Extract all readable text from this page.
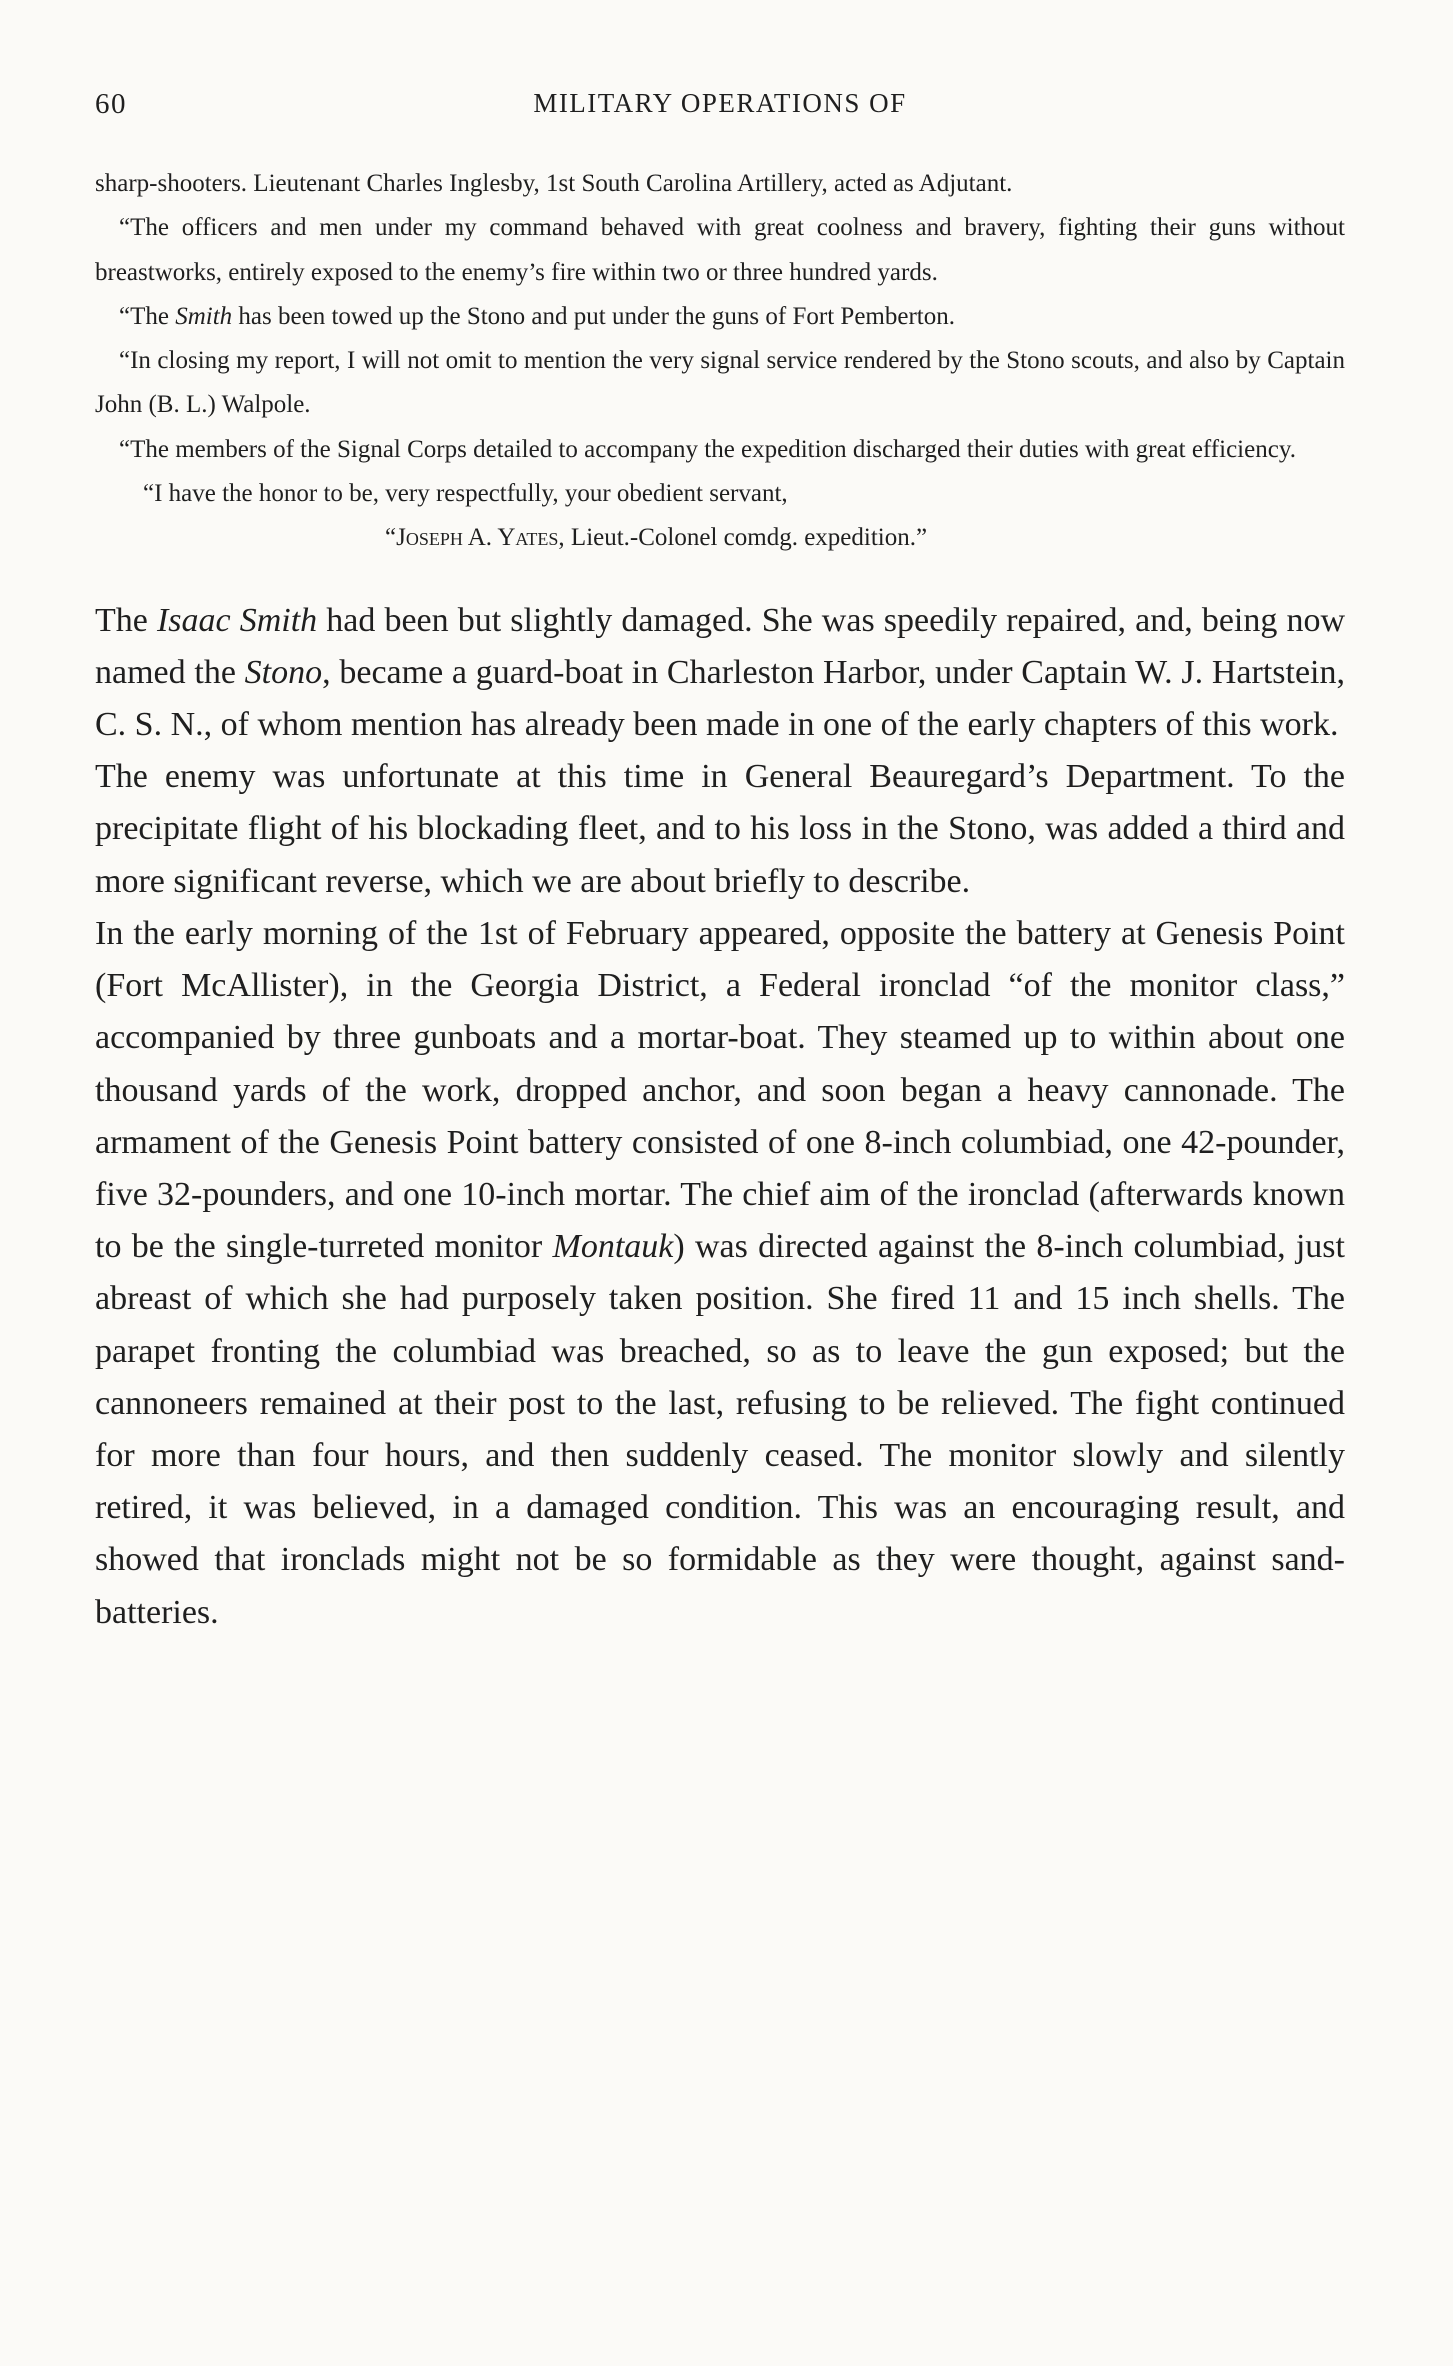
60	MILITARY OPERATIONS OF

sharp-shooters. Lieutenant Charles Inglesby, 1st South Carolina Artillery, acted as Adjutant.

“The officers and men under my command behaved with great coolness and bravery, fighting their guns without breastworks, entirely exposed to the enemy’s fire within two or three hundred yards.

“The Smith has been towed up the Stono and put under the guns of Fort Pemberton.

“In closing my report, I will not omit to mention the very signal service rendered by the Stono scouts, and also by Captain John (B. L.) Walpole.

“The members of the Signal Corps detailed to accompany the expedition discharged their duties with great efficiency.

“I have the honor to be, very respectfully, your obedient servant,

“Joseph A. Yates, Lieut.-Colonel comdg. expedition.”

The Isaac Smith had been but slightly damaged. She was speedily repaired, and, being now named the Stono, became a guard-boat in Charleston Harbor, under Captain W. J. Hartstein, C. S. N., of whom mention has already been made in one of the early chapters of this work.

The enemy was unfortunate at this time in General Beauregard’s Department. To the precipitate flight of his blockading fleet, and to his loss in the Stono, was added a third and more significant reverse, which we are about briefly to describe.

In the early morning of the 1st of February appeared, opposite the battery at Genesis Point (Fort McAllister), in the Georgia District, a Federal ironclad “of the monitor class,” accompanied by three gunboats and a mortar-boat. They steamed up to within about one thousand yards of the work, dropped anchor, and soon began a heavy cannonade. The armament of the Genesis Point battery consisted of one 8-inch columbiad, one 42-pounder, five 32-pounders, and one 10-inch mortar. The chief aim of the ironclad (afterwards known to be the single-turreted monitor Montauk) was directed against the 8-inch columbiad, just abreast of which she had purposely taken position. She fired 11 and 15 inch shells. The parapet fronting the columbiad was breached, so as to leave the gun exposed; but the cannoneers remained at their post to the last, refusing to be relieved. The fight continued for more than four hours, and then suddenly ceased. The monitor slowly and silently retired, it was believed, in a damaged condition. This was an encouraging result, and showed that ironclads might not be so formidable as they were thought, against sand-batteries.
